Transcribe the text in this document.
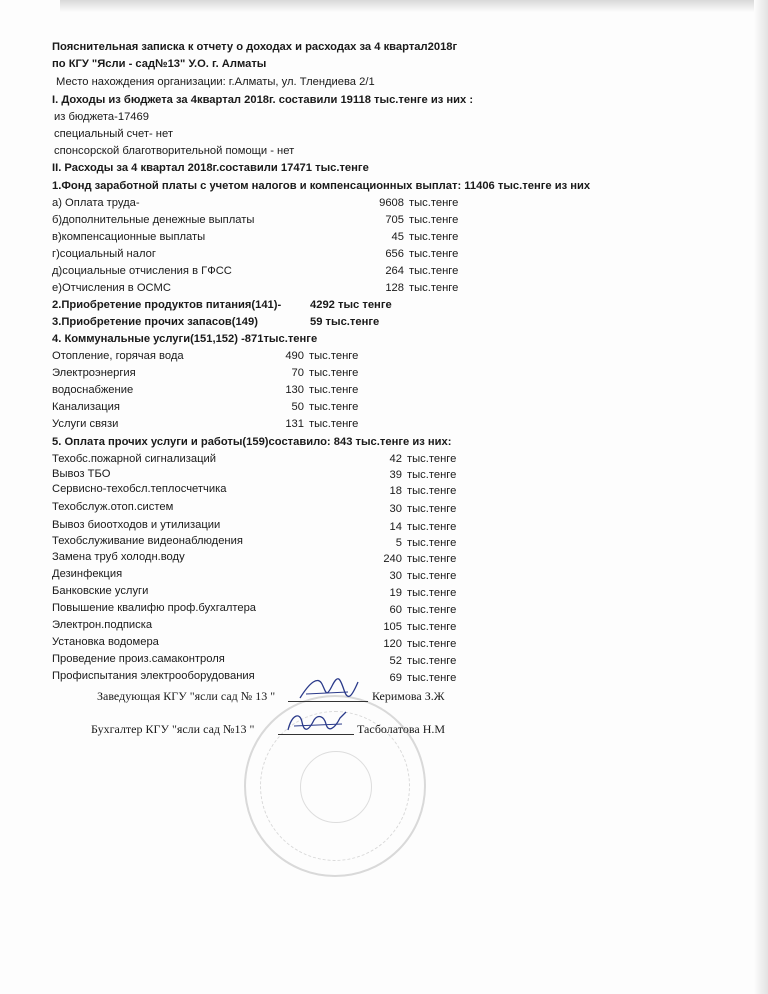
Пояснительная записка к отчету о доходах и расходах за 4 квартал2018г
по КГУ "Ясли - сад№13" У.О. г. Алматы
Место нахождения организации: г.Алматы, ул. Тлендиева 2/1
I. Доходы из бюджета за 4квартал 2018г. составили 19118 тыс.тенге из них :
из бюджета-17469
специальный счет- нет
спонсорской благотворительной помощи - нет
II. Расходы за 4 квартал 2018г.составили 17471 тыс.тенге
1.Фонд заработной платы с учетом налогов и компенсационных выплат: 11406 тыс.тенге из них
а) Оплата труда-	9608 тыс.тенге
б)дополнительные денежные выплаты	705 тыс.тенге
в)компенсационные выплаты	45 тыс.тенге
г)социальный налог	656 тыс.тенге
д)социальные отчисления в ГФСС	264 тыс.тенге
е)Отчисления в ОСМС	128 тыс.тенге
2.Приобретение продуктов питания(141)-	4292 тыс тенге
3.Приобретение прочих запасов(149)	59 тыс.тенге
4. Коммунальные услуги(151,152) -871тыс.тенге
Отопление, горячая вода	490 тыс.тенге
Электроэнергия	70 тыс.тенге
водоснабжение	130 тыс.тенге
Канализация	50 тыс.тенге
Услуги связи	131 тыс.тенге
5. Оплата прочих услуги и работы(159)составило: 843 тыс.тенге из них:
Техобс.пожарной сигнализаций	42 тыс.тенге
Вывоз ТБО	39 тыс.тенге
Сервисно-техобсл.теплосчетчика	18 тыс.тенге
Техобслуж.отоп.систем	30 тыс.тенге
Вывоз биоотходов и утилизации	14 тыс.тенге
Техобслуживание видеонаблюдения	5 тыс.тенге
Замена труб холодн.воду	240 тыс.тенге
Дезинфекция	30 тыс.тенге
Банковские услуги	19 тыс.тенге
Повышение квалифю проф.бухгалтера	60 тыс.тенге
Электрон.подписка	105 тыс.тенге
Установка водомера	120 тыс.тенге
Проведение произ.самаконтроля	52 тыс.тенге
Профиспытания электрооборудования	69 тыс.тенге
Заведующая КГУ "ясли сад № 13 "	Керимова З.Ж
Бухгалтер КГУ "ясли сад №13 "	Тасболатова Н.М
